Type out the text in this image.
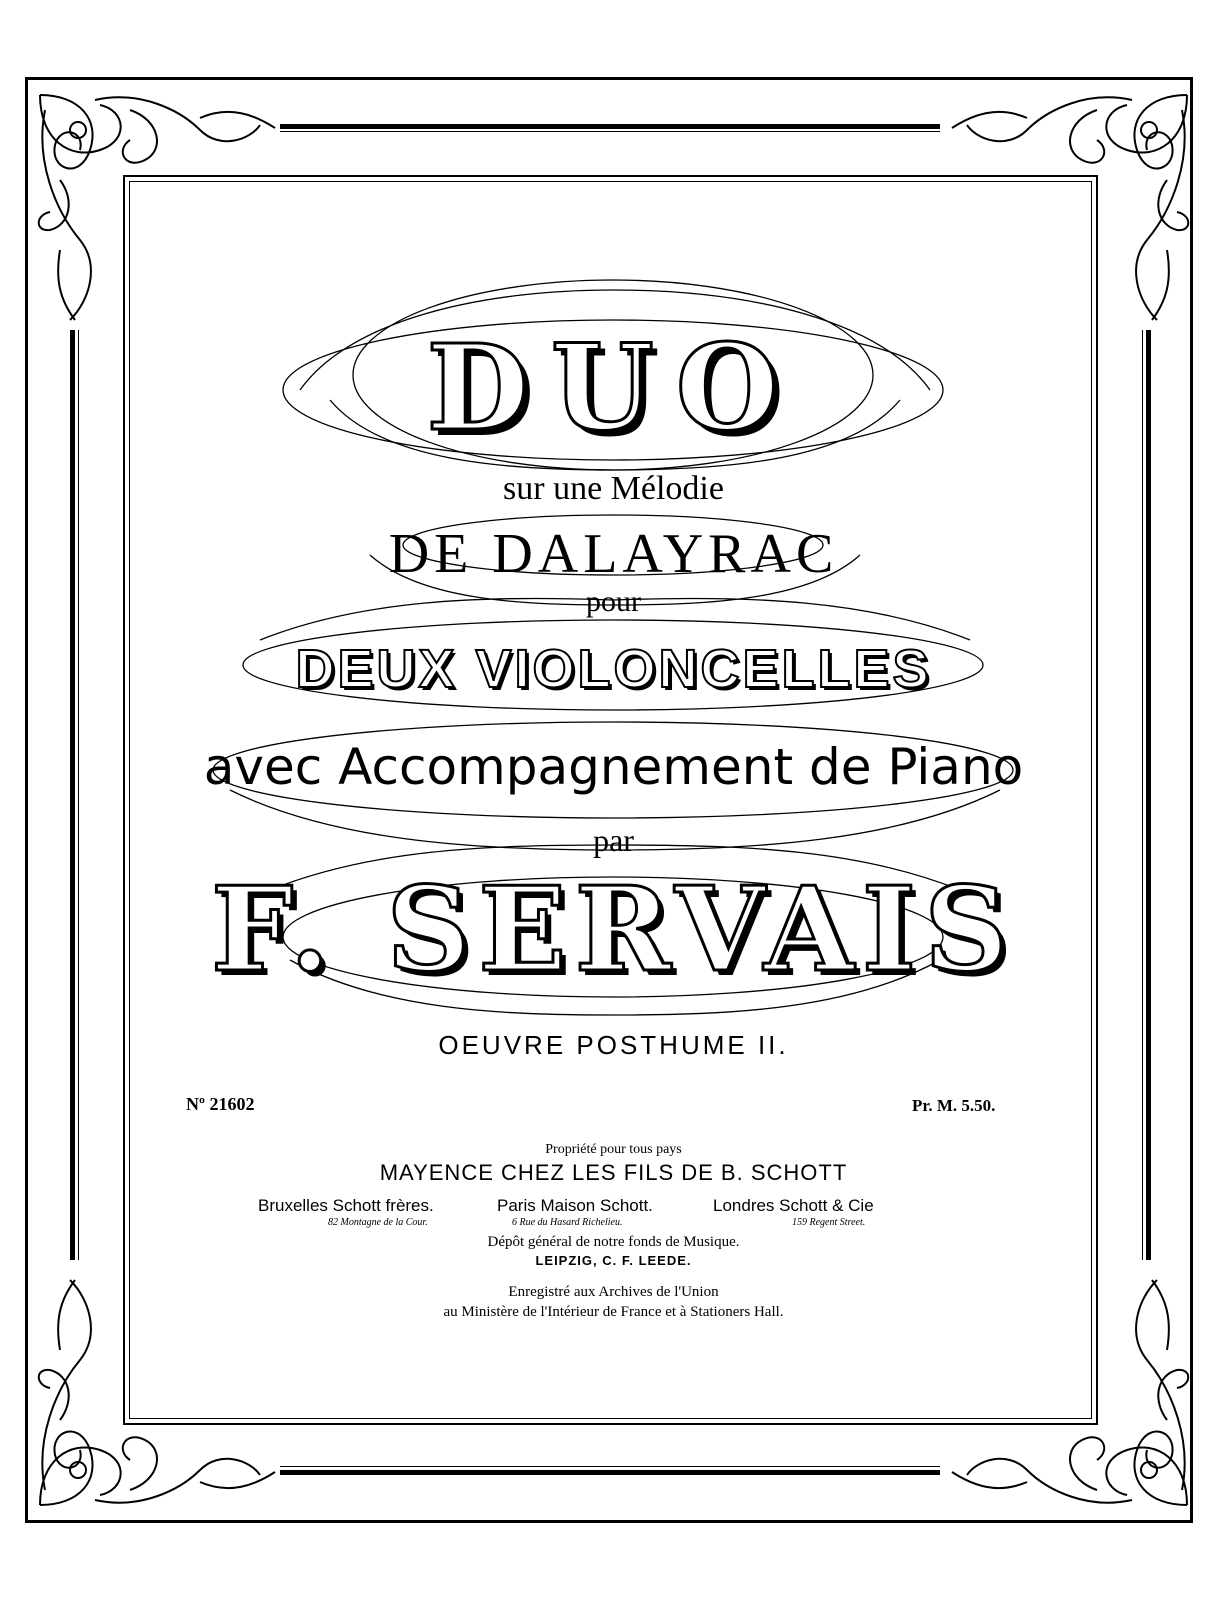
DUO
sur une Mélodie
DE DALAYRAC
pour
DEUX VIOLONCELLES
avec Accompagnement de Piano
par
F. SERVAIS
OEUVRE POSTHUME II.
Nº 21602	Pr. M. 5.50.
Propriété pour tous pays
MAYENCE CHEZ LES FILS DE B. SCHOTT
Bruxelles Schott frères.	Paris Maison Schott.	Londres Schott & Cie
82 Montagne de la Cour.	6 Rue du Hasard Richelieu.	159 Regent Street.
Dépôt général de notre fonds de Musique.
LEIPZIG, C. F. LEEDE.
Enregistré aux Archives de l'Union
au Ministère de l'Intérieur de France et à Stationers Hall.
